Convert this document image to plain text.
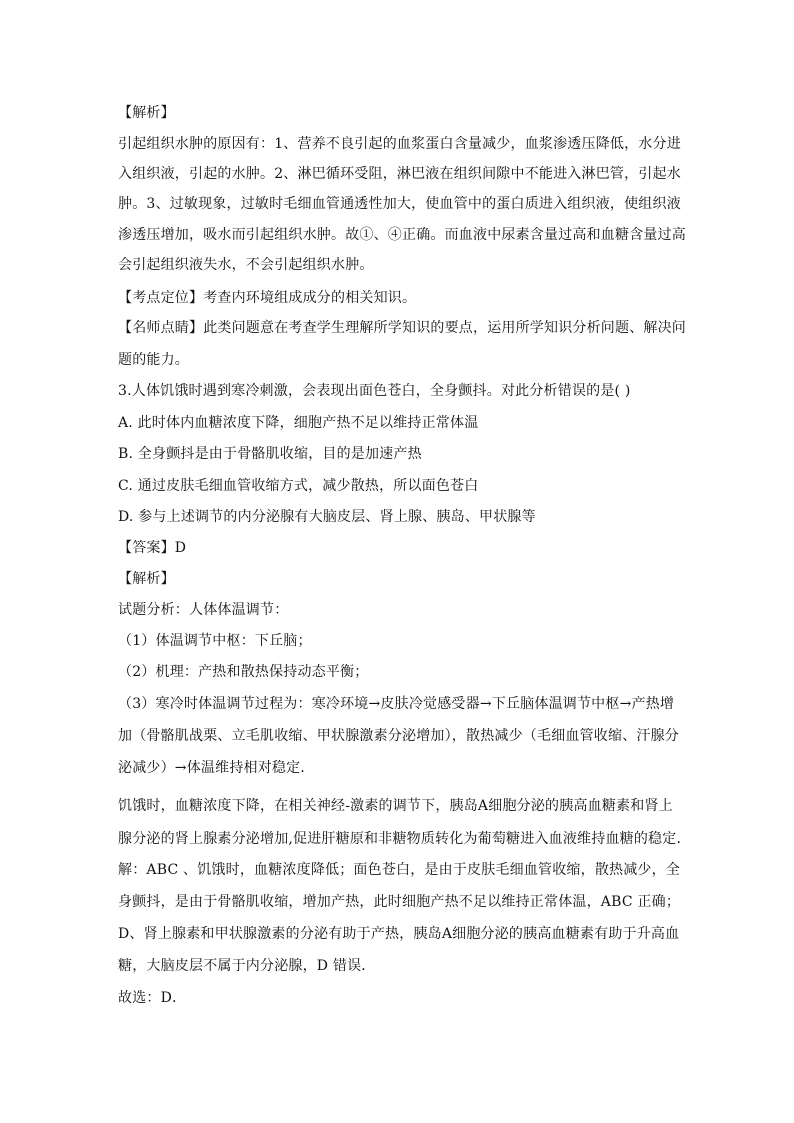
【解析】
引起组织水肿的原因有：1、营养不良引起的血浆蛋白含量减少，血浆渗透压降低，水分进
入组织液，引起的水肿。2、淋巴循环受阻，淋巴液在组织间隙中不能进入淋巴管，引起水
肿。3、过敏现象，过敏时毛细血管通透性加大，使血管中的蛋白质进入组织液，使组织液
渗透压增加，吸水而引起组织水肿。故①、④正确。而血液中尿素含量过高和血糖含量过高
会引起组织液失水，不会引起组织水肿。
【考点定位】考查内环境组成成分的相关知识。
【名师点睛】此类问题意在考查学生理解所学知识的要点，运用所学知识分析问题、解决问
题的能力。
3.人体饥饿时遇到寒冷刺激，会表现出面色苍白，全身颤抖。对此分析错误的是( )
A. 此时体内血糖浓度下降，细胞产热不足以维持正常体温
B. 全身颤抖是由于骨骼肌收缩，目的是加速产热
C. 通过皮肤毛细血管收缩方式，减少散热，所以面色苍白
D. 参与上述调节的内分泌腺有大脑皮层、肾上腺、胰岛、甲状腺等
【答案】D
【解析】
试题分析：人体体温调节：
（1）体温调节中枢：下丘脑；
（2）机理：产热和散热保持动态平衡；
（3）寒冷时体温调节过程为：寒冷环境→皮肤冷觉感受器→下丘脑体温调节中枢→产热增
加（骨骼肌战栗、立毛肌收缩、甲状腺激素分泌增加），散热减少（毛细血管收缩、汗腺分
泌减少）→体温维持相对稳定．
饥饿时，血糖浓度下降，在相关神经-激素的调节下，胰岛A细胞分泌的胰高血糖素和肾上
腺分泌的肾上腺素分泌增加,促进肝糖原和非糖物质转化为葡萄糖进入血液维持血糖的稳定．
解：ABC 、饥饿时，血糖浓度降低；面色苍白，是由于皮肤毛细血管收缩，散热减少，全
身颤抖，是由于骨骼肌收缩，增加产热，此时细胞产热不足以维持正常体温，ABC 正确；
D、肾上腺素和甲状腺激素的分泌有助于产热，胰岛A细胞分泌的胰高血糖素有助于升高血
糖，大脑皮层不属于内分泌腺，D 错误．
故选：D．
